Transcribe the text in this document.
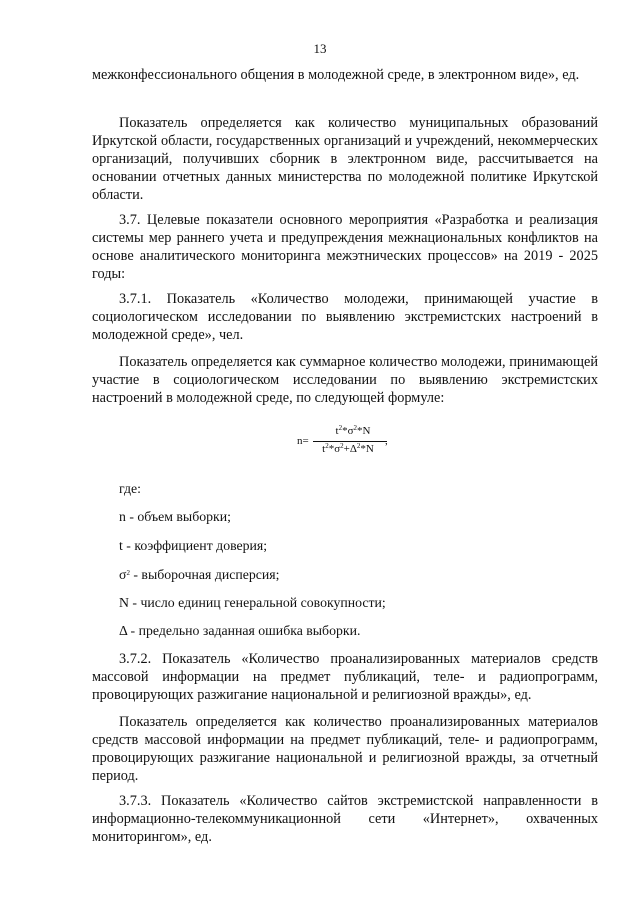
13

межконфессионального общения в молодежной среде, в электронном виде», ед.

Показатель определяется как количество муниципальных образований Иркутской области, государственных организаций и учреждений, некоммерческих организаций, получивших сборник в электронном виде, рассчитывается на основании отчетных данных министерства по молодежной политике Иркутской области.

3.7. Целевые показатели основного мероприятия «Разработка и реализация системы мер раннего учета и предупреждения межнациональных конфликтов на основе аналитического мониторинга межэтнических процессов» на 2019 - 2025 годы:

3.7.1. Показатель «Количество молодежи, принимающей участие в социологическом исследовании по выявлению экстремистских настроений в молодежной среде», чел.

Показатель определяется как суммарное количество молодежи, принимающей участие в социологическом исследовании по выявлению экстремистских настроений в молодежной среде, по следующей формуле:

n=
$t^2*\sigma^2*N$
$t^2*\sigma^2+\Delta^2*N$
,
где:
n - объем выборки;
t - коэффициент доверия;
$\sigma^2$ - выборочная дисперсия;
N - число единиц генеральной совокупности;
Δ - предельно заданная ошибка выборки.

3.7.2. Показатель «Количество проанализированных материалов средств массовой информации на предмет публикаций, теле- и радиопрограмм, провоцирующих разжигание национальной и религиозной вражды», ед.

Показатель определяется как количество проанализированных материалов средств массовой информации на предмет публикаций, теле- и радиопрограмм, провоцирующих разжигание национальной и религиозной вражды, за отчетный период.

3.7.3. Показатель «Количество сайтов экстремистской направленности в информационно-телекоммуникационной сети «Интернет», охваченных мониторингом», ед.
